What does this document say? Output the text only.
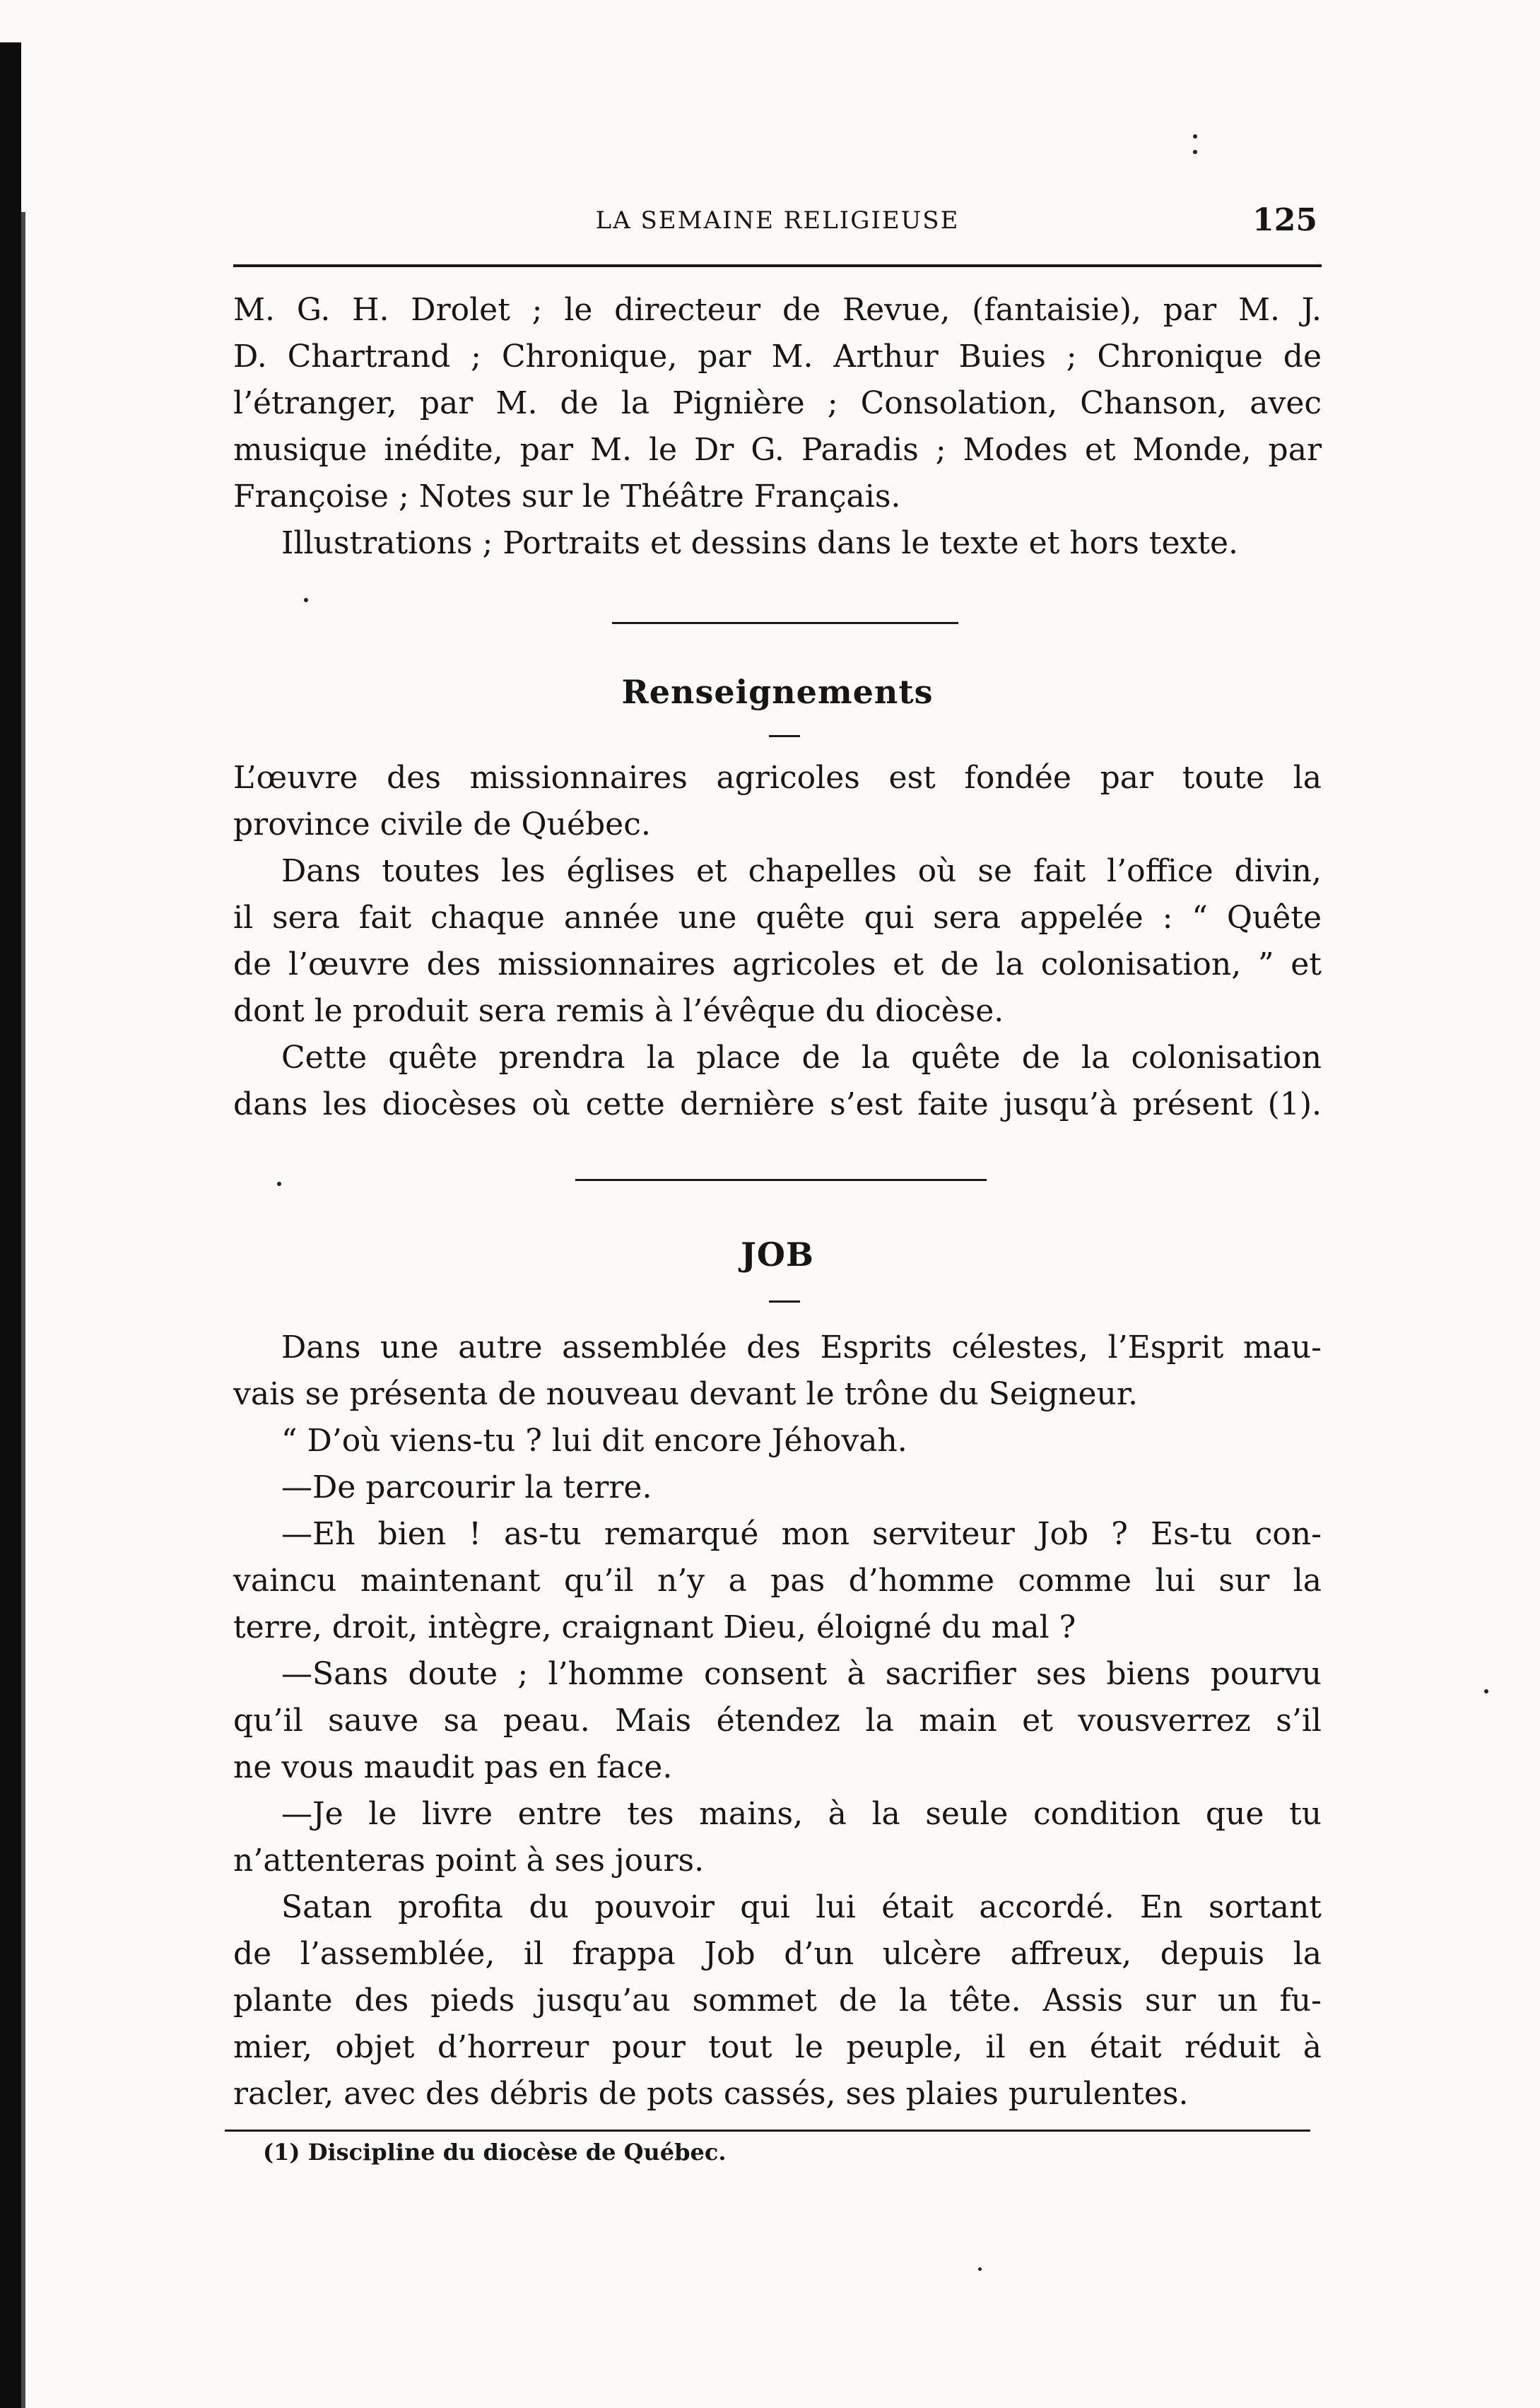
LA SEMAINE RELIGIEUSE	125

M. G. H. Drolet ; le directeur de Revue, (fantaisie), par M. J.

D. Chartrand ; Chronique, par M. Arthur Buies ; Chronique de

l’étranger, par M. de la Pignière ; Consolation, Chanson, avec

musique inédite, par M. le Dr G. Paradis ; Modes et Monde, par

Françoise ; Notes sur le Théâtre Français.

Illustrations ; Portraits et dessins dans le texte et hors texte.

Renseignements

L’œuvre des missionnaires agricoles est fondée par toute la

province civile de Québec.

Dans toutes les églises et chapelles où se fait l’office divin,

il sera fait chaque année une quête qui sera appelée : “ Quête

de l’œuvre des missionnaires agricoles et de la colonisation, ” et

dont le produit sera remis à l’évêque du diocèse.

Cette quête prendra la place de la quête de la colonisation

dans les diocèses où cette dernière s’est faite jusqu’à présent (1).

JOB

Dans une autre assemblée des Esprits célestes, l’Esprit mau-

vais se présenta de nouveau devant le trône du Seigneur.

“ D’où viens-tu ? lui dit encore Jéhovah.

—De parcourir la terre.

—Eh bien ! as-tu remarqué mon serviteur Job ? Es-tu con-

vaincu maintenant qu’il n’y a pas d’homme comme lui sur la

terre, droit, intègre, craignant Dieu, éloigné du mal ?

—Sans doute ; l’homme consent à sacrifier ses biens pourvu

qu’il sauve sa peau. Mais étendez la main et vousverrez s’il

ne vous maudit pas en face.

—Je le livre entre tes mains, à la seule condition que tu

n’attenteras point à ses jours.

Satan profita du pouvoir qui lui était accordé. En sortant

de l’assemblée, il frappa Job d’un ulcère affreux, depuis la

plante des pieds jusqu’au sommet de la tête. Assis sur un fu-

mier, objet d’horreur pour tout le peuple, il en était réduit à

racler, avec des débris de pots cassés, ses plaies purulentes.

(1) Discipline du diocèse de Québec.
